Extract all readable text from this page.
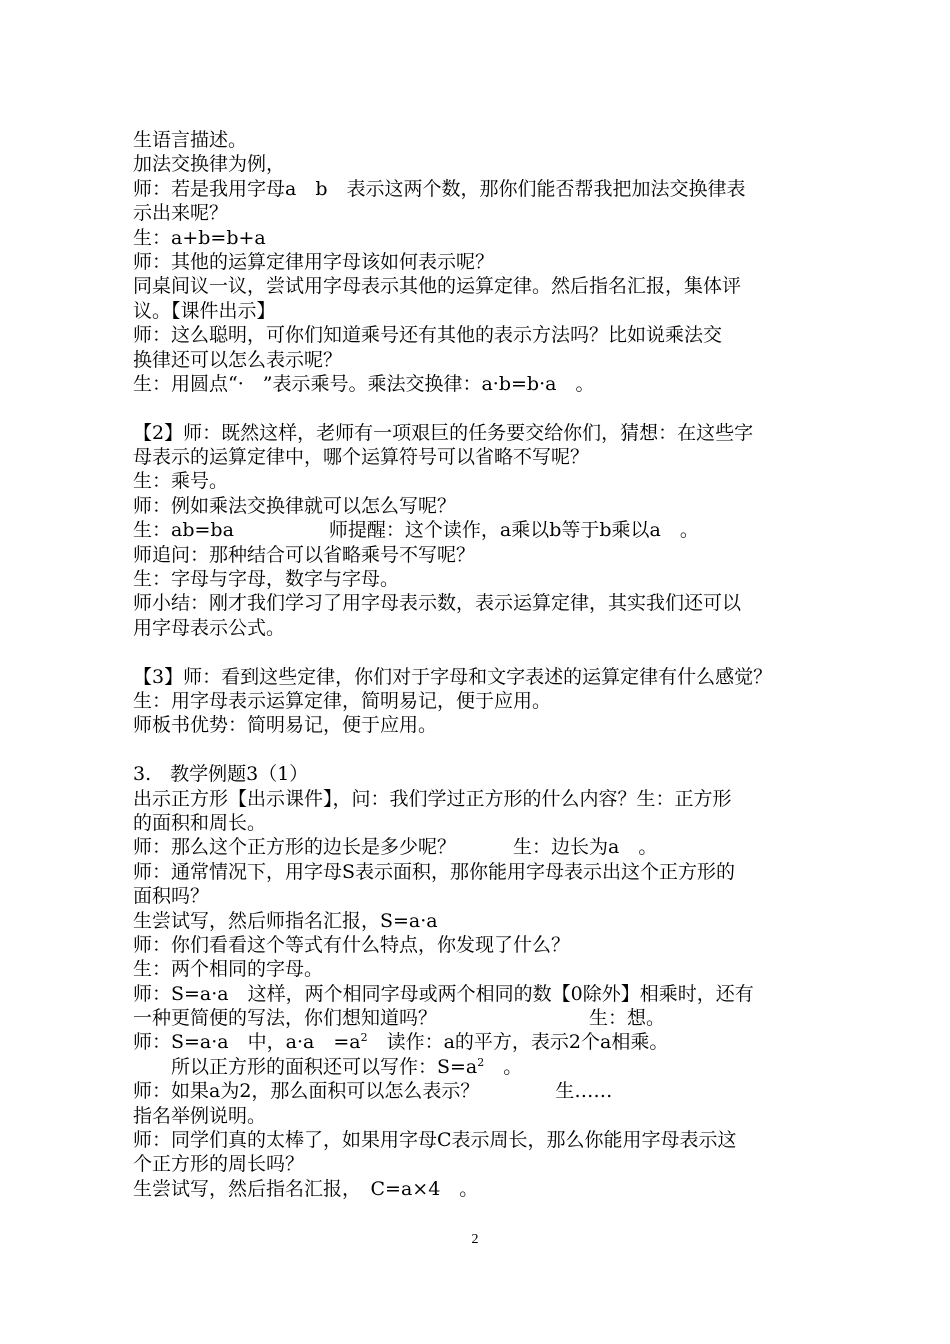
生语言描述。
加法交换律为例，
师：若是我用字母a　b　表示这两个数，那你们能否帮我把加法交换律表
示出来呢？
生：a+b=b+a
师：其他的运算定律用字母该如何表示呢？
同桌间议一议，尝试用字母表示其他的运算定律。然后指名汇报，集体评
议。【课件出示】
师：这么聪明，可你们知道乘号还有其他的表示方法吗？比如说乘法交
换律还可以怎么表示呢？
生：用圆点“·　”表示乘号。乘法交换律：a·b=b·a　。
【2】师：既然这样，老师有一项艰巨的任务要交给你们，猜想：在这些字
母表示的运算定律中，哪个运算符号可以省略不写呢？
生：乘号。
师：例如乘法交换律就可以怎么写呢？
生：ab=ba　　　　　师提醒：这个读作，a乘以b等于b乘以a　。
师追问：那种结合可以省略乘号不写呢？
生：字母与字母，数字与字母。
师小结：刚才我们学习了用字母表示数，表示运算定律，其实我们还可以
用字母表示公式。
【3】师：看到这些定律，你们对于字母和文字表述的运算定律有什么感觉？
生：用字母表示运算定律，简明易记，便于应用。
师板书优势：简明易记，便于应用。
3.　教学例题3（1）
出示正方形【出示课件】，问：我们学过正方形的什么内容？生：正方形
的面积和周长。
师：那么这个正方形的边长是多少呢？　　　生：边长为a　。
师：通常情况下，用字母S表示面积，那你能用字母表示出这个正方形的
面积吗？
生尝试写，然后师指名汇报，S=a·a
师：你们看看这个等式有什么特点，你发现了什么？
生：两个相同的字母。
师：S=a·a　这样，两个相同字母或两个相同的数【0除外】相乘时，还有
一种更简便的写法，你们想知道吗？　　　　　　　　生：想。
师：S=a·a　中，a·a　$=a^2$　读作：a的平方，表示2个a相乘。
　　所以正方形的面积还可以写作：$S=a^2$　。
师：如果a为2，那么面积可以怎么表示？　　　　生……
指名举例说明。
师：同学们真的太棒了，如果用字母C表示周长，那么你能用字母表示这
个正方形的周长吗？
生尝试写，然后指名汇报，　C=a×4　。
2
